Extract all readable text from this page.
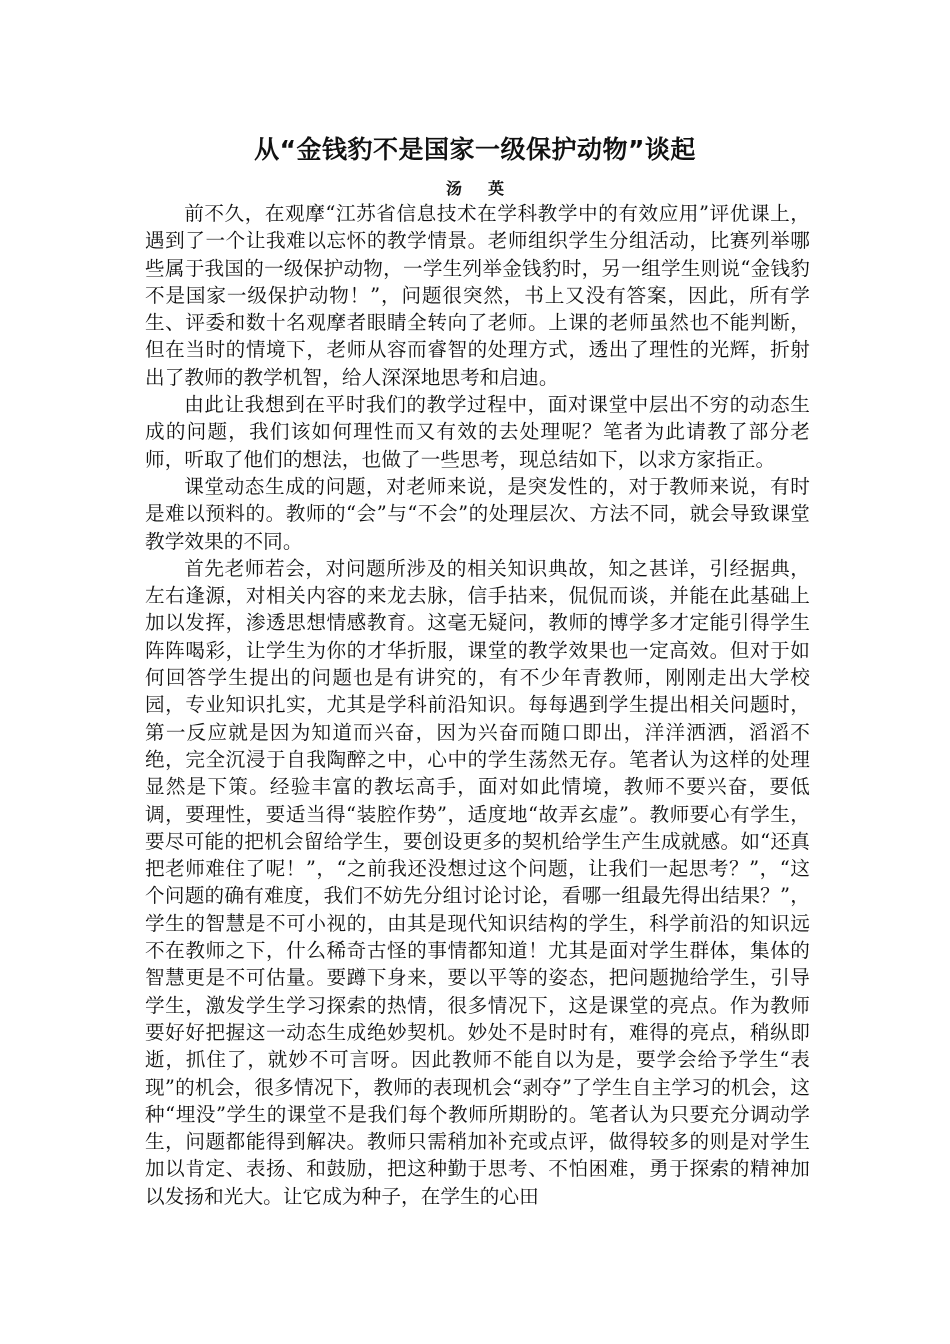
从“金钱豹不是国家一级保护动物”谈起
汤英

前不久，在观摩“江苏省信息技术在学科教学中的有效应用”评优课上，遇到了一个让我难以忘怀的教学情景。老师组织学生分组活动，比赛列举哪些属于我国的一级保护动物，一学生列举金钱豹时，另一组学生则说“金钱豹不是国家一级保护动物！”，问题很突然，书上又没有答案，因此，所有学生、评委和数十名观摩者眼睛全转向了老师。上课的老师虽然也不能判断，但在当时的情境下，老师从容而睿智的处理方式，透出了理性的光辉，折射出了教师的教学机智，给人深深地思考和启迪。

由此让我想到在平时我们的教学过程中，面对课堂中层出不穷的动态生成的问题，我们该如何理性而又有效的去处理呢？笔者为此请教了部分老师，听取了他们的想法，也做了一些思考，现总结如下，以求方家指正。

课堂动态生成的问题，对老师来说，是突发性的，对于教师来说，有时是难以预料的。教师的“会”与“不会”的处理层次、方法不同，就会导致课堂教学效果的不同。

首先老师若会，对问题所涉及的相关知识典故，知之甚详，引经据典，左右逢源，对相关内容的来龙去脉，信手拈来，侃侃而谈，并能在此基础上加以发挥，渗透思想情感教育。这毫无疑问，教师的博学多才定能引得学生阵阵喝彩，让学生为你的才华折服，课堂的教学效果也一定高效。但对于如何回答学生提出的问题也是有讲究的，有不少年青教师，刚刚走出大学校园，专业知识扎实，尤其是学科前沿知识。每每遇到学生提出相关问题时，第一反应就是因为知道而兴奋，因为兴奋而随口即出，洋洋洒洒，滔滔不绝，完全沉浸于自我陶醉之中，心中的学生荡然无存。笔者认为这样的处理显然是下策。经验丰富的教坛高手，面对如此情境，教师不要兴奋，要低调，要理性，要适当得“装腔作势”，适度地“故弄玄虚”。教师要心有学生，要尽可能的把机会留给学生，要创设更多的契机给学生产生成就感。如“还真把老师难住了呢！”，“之前我还没想过这个问题，让我们一起思考？”，“这个问题的确有难度，我们不妨先分组讨论讨论，看哪一组最先得出结果？”，学生的智慧是不可小视的，由其是现代知识结构的学生，科学前沿的知识远不在教师之下，什么稀奇古怪的事情都知道！尤其是面对学生群体，集体的智慧更是不可估量。要蹲下身来，要以平等的姿态，把问题抛给学生，引导学生，激发学生学习探索的热情，很多情况下，这是课堂的亮点。作为教师要好好把握这一动态生成绝妙契机。妙处不是时时有，难得的亮点，稍纵即逝，抓住了，就妙不可言呀。因此教师不能自以为是，要学会给予学生“表现”的机会，很多情况下，教师的表现机会“剥夺”了学生自主学习的机会，这种“埋没”学生的课堂不是我们每个教师所期盼的。笔者认为只要充分调动学生，问题都能得到解决。教师只需稍加补充或点评，做得较多的则是对学生加以肯定、表扬、和鼓励，把这种勤于思考、不怕困难，勇于探索的精神加以发扬和光大。让它成为种子，在学生的心田
